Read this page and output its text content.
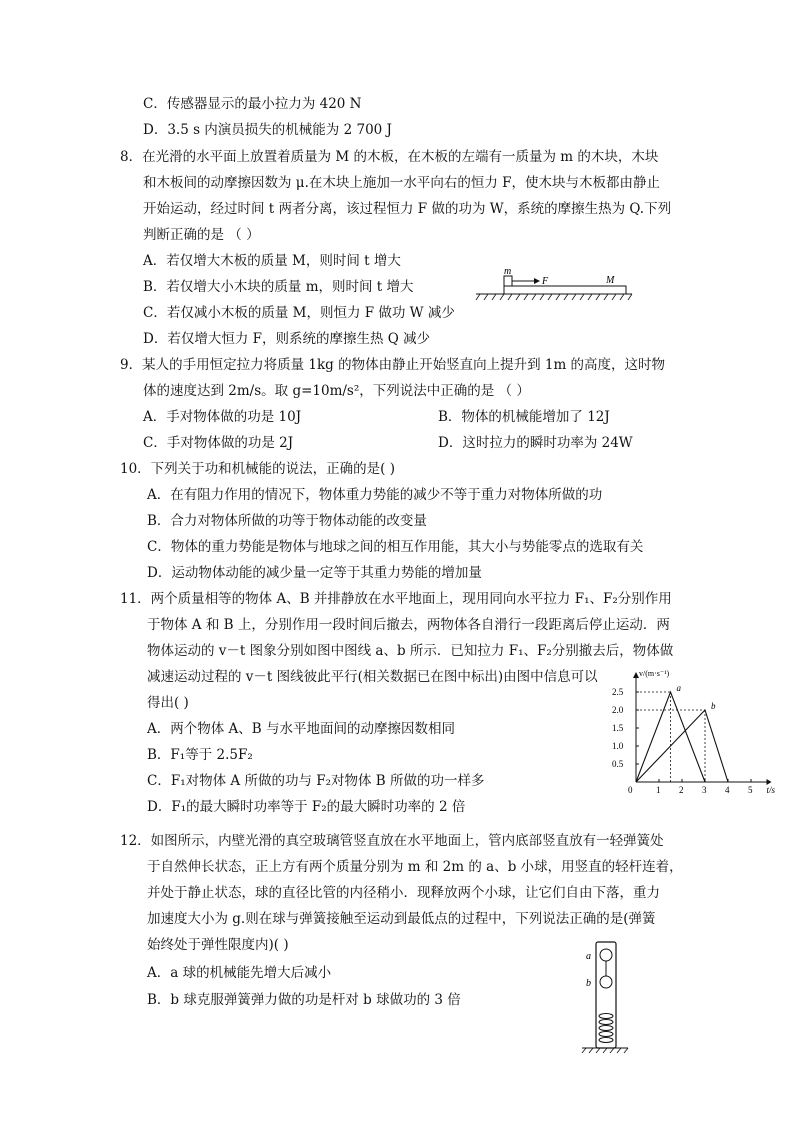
C．传感器显示的最小拉力为 420 N
D．3.5 s 内演员损失的机械能为 2 700 J
8．在光滑的水平面上放置着质量为 M 的木板，在木板的左端有一质量为 m 的木块，木块
和木板间的动摩擦因数为 μ.在木块上施加一水平向右的恒力 F，使木块与木板都由静止
开始运动，经过时间 t 两者分离，该过程恒力 F 做的功为 W，系统的摩擦生热为 Q.下列
判断正确的是 （ ）
A．若仅增大木板的质量 M，则时间 t 增大
B．若仅增大小木块的质量 m，则时间 t 增大
C．若仅减小木板的质量 M，则恒力 F 做功 W 减少
D．若仅增大恒力 F，则系统的摩擦生热 Q 减少
m
F	M
9．某人的手用恒定拉力将质量 1kg 的物体由静止开始竖直向上提升到 1m 的高度，这时物
体的速度达到 2m/s。取 g=10m/s²，下列说法中正确的是 （ ）
A．手对物体做的功是 10J	B．物体的机械能增加了 12J
C．手对物体做的功是 2J	D．这时拉力的瞬时功率为 24W
10．下列关于功和机械能的说法，正确的是( )
A．在有阻力作用的情况下，物体重力势能的减少不等于重力对物体所做的功
B．合力对物体所做的功等于物体动能的改变量
C．物体的重力势能是物体与地球之间的相互作用能，其大小与势能零点的选取有关
D．运动物体动能的减少量一定等于其重力势能的增加量
11．两个质量相等的物体 A、B 并排静放在水平地面上，现用同向水平拉力 F₁、F₂分别作用
于物体 A 和 B 上，分别作用一段时间后撤去，两物体各自滑行一段距离后停止运动．两
物体运动的 v－t 图象分别如图中图线 a、b 所示．已知拉力 F₁、F₂分别撤去后，物体做
减速运动过程的 v－t 图线彼此平行(相关数据已在图中标出)由图中信息可以
得出( )
A．两个物体 A、B 与水平地面间的动摩擦因数相同
B．F₁等于 2.5F₂
C．F₁对物体 A 所做的功与 F₂对物体 B 所做的功一样多
D．F₁的最大瞬时功率等于 F₂的最大瞬时功率的 2 倍
v/(m·s⁻¹)
t/s
0	1 2 3 4 5
0.5
1.0
1.5
2.0
2.5	a
b
12．如图所示，内壁光滑的真空玻璃管竖直放在水平地面上，管内底部竖直放有一轻弹簧处
于自然伸长状态，正上方有两个质量分别为 m 和 2m 的 a、b 小球，用竖直的轻杆连着，
并处于静止状态，球的直径比管的内径稍小．现释放两个小球，让它们自由下落，重力
加速度大小为 g.则在球与弹簧接触至运动到最低点的过程中，下列说法正确的是(弹簧
始终处于弹性限度内)( )
A．a 球的机械能先增大后减小
B．b 球克服弹簧弹力做的功是杆对 b 球做功的 3 倍
a
b
